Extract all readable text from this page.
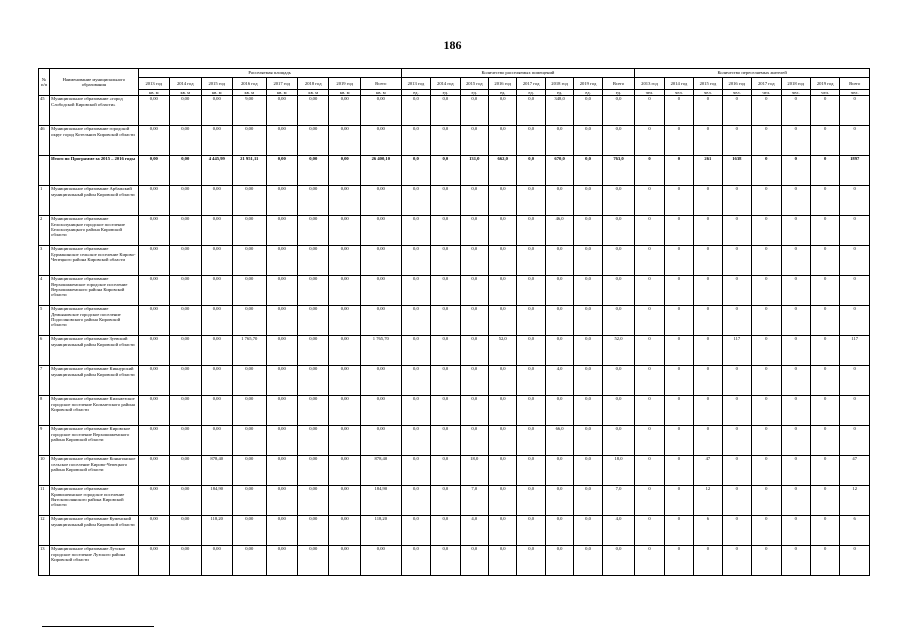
186
№ п/п	Наименование муниципального образования	Расселяемая площадь								Количество расселяемых помещений								Количество переселяемых жителей							
		2013 год	2014 год	2015 год	2016 год	2017 год	2018 год	2019 год	Всего	2013 год	2014 год	2015 год	2016 год	2017 год	2018 год	2019 год	Всего	2013 год	2014 год	2015 год	2016 год	2017 год	2018 год	2019 год	Всего
		кв. м	кв. м	кв. м	кв. м	кв. м	кв. м	кв. м	кв. м	ед.	ед.	ед.	ед.	ед.	ед.	ед.	ед.	чел.	чел.	чел.	чел.	чел.	чел.	чел.	чел.
45	Муниципальное образование «город Слободской Кировской области»	0,00	0,00	0,00	9,00	0,00	0,00	0,00	0,00	0,0	0,0	0,0	0,0	0,0	348,0	0,0	0,0	0	0	0	0	0	0	0	0
46	Муниципальное образование городской округ город Котельнич Кировской области	0,00	0,00	0,00	0,00	0,00	0,00	0,00	0,00	0,0	0,0	0,0	0,0	0,0	0,0	0,0	0,0	0	0	0	0	0	0	0	0
	Итого по Программе за 2015 – 2016 годы	0,00	0,00	4 445,99	21 951,11	0,00	0,00	0,00	26 400,10	0,0	0,0	131,0	662,0	0,0	670,0	0,0	763,0	0	0	261	1638	0	0	0	1897
1	Муниципальное образование Арбажский муниципальный район Кировской области	0,00	0,00	0,00	0,00	0,00	0,00	0,00	0,00	0,0	0,0	0,0	0,0	0,0	0,0	0,0	0,0	0	0	0	0	0	0	0	0
2	Муниципальное образование Белохолуницкое городское поселение Белохолуницкого района Кировской области	0,00	0,00	0,00	0,00	0,00	0,00	0,00	0,00	0,0	0,0	0,0	0,0	0,0	46,0	0,0	0,0	0	0	0	0	0	0	0	0
3	Муниципальное образование Бурмакинское сельское поселение Кирово-Чепецкого района Кировской области	0,00	0,00	0,00	0,00	0,00	0,00	0,00	0,00	0,0	0,0	0,0	0,0	0,0	0,0	0,0	0,0	0	0	0	0	0	0	0	0
4	Муниципальное образование Верхошижемское городское поселение Верхошижемского района Кировской области	0,00	0,00	0,00	0,00	0,00	0,00	0,00	0,00	0,0	0,0	0,0	0,0	0,0	0,0	0,0	0,0	0	0	0	0	0	0	0	0
5	Муниципальное образование Демьяновское городское поселение Подосиновского района Кировской области	0,00	0,00	0,00	0,00	0,00	0,00	0,00	0,00	0,0	0,0	0,0	0,0	0,0	0,0	0,0	0,0	0	0	0	0	0	0	0	0
6	Муниципальное образование Зуевский муниципальный район Кировской области	0,00	0,00	0,00	1 765,70	0,00	0,00	0,00	1 765,70	0,0	0,0	0,0	52,0	0,0	0,0	0,0	52,0	0	0	0	117	0	0	0	117
7	Муниципальное образование Кикнурский муниципальный район Кировской области	0,00	0,00	0,00	0,00	0,00	0,00	0,00	0,00	0,0	0,0	0,0	0,0	0,0	4,0	0,0	0,0	0	0	0	0	0	0	0	0
8	Муниципальное образование Кильмезское городское поселение Кильмезского района Кировской области	0,00	0,00	0,00	0,00	0,00	0,00	0,00	0,00	0,0	0,0	0,0	0,0	0,0	0,0	0,0	0,0	0	0	0	0	0	0	0	0
9	Муниципальное образование Кировское городское поселение Верхошижемского района Кировской области	0,00	0,00	0,00	0,00	0,00	0,00	0,00	0,00	0,0	0,0	0,0	0,0	0,0	66,0	0,0	0,0	0	0	0	0	0	0	0	0
10	Муниципальное образование Коныгинское сельское поселение Кирово-Чепецкого района Кировской области	0,00	0,00	878,40	0,00	0,00	0,00	0,00	878,40	0,0	0,0	18,0	0,0	0,0	0,0	0,0	18,0	0	0	47	0	0	0	0	47
11	Муниципальное образование Кривошеинское городское поселение Вятскополянского района Кировской области	0,00	0,00	184,90	0,00	0,00	0,00	0,00	184,90	0,0	0,0	7,0	0,0	0,0	0,0	0,0	7,0	0	0	12	0	0	0	0	12
12	Муниципальное образование Куменский муниципальный район Кировской области	0,00	0,00	118,20	0,00	0,00	0,00	0,00	118,20	0,0	0,0	4,0	0,0	0,0	0,0	0,0	4,0	0	0	6	0	0	0	0	6
13	Муниципальное образование Лузское городское поселение Лузского района Кировской области	0,00	0,00	0,00	0,00	0,00	0,00	0,00	0,00	0,0	0,0	0,0	0,0	0,0	0,0	0,0	0,0	0	0	0	0	0	0	0	0
